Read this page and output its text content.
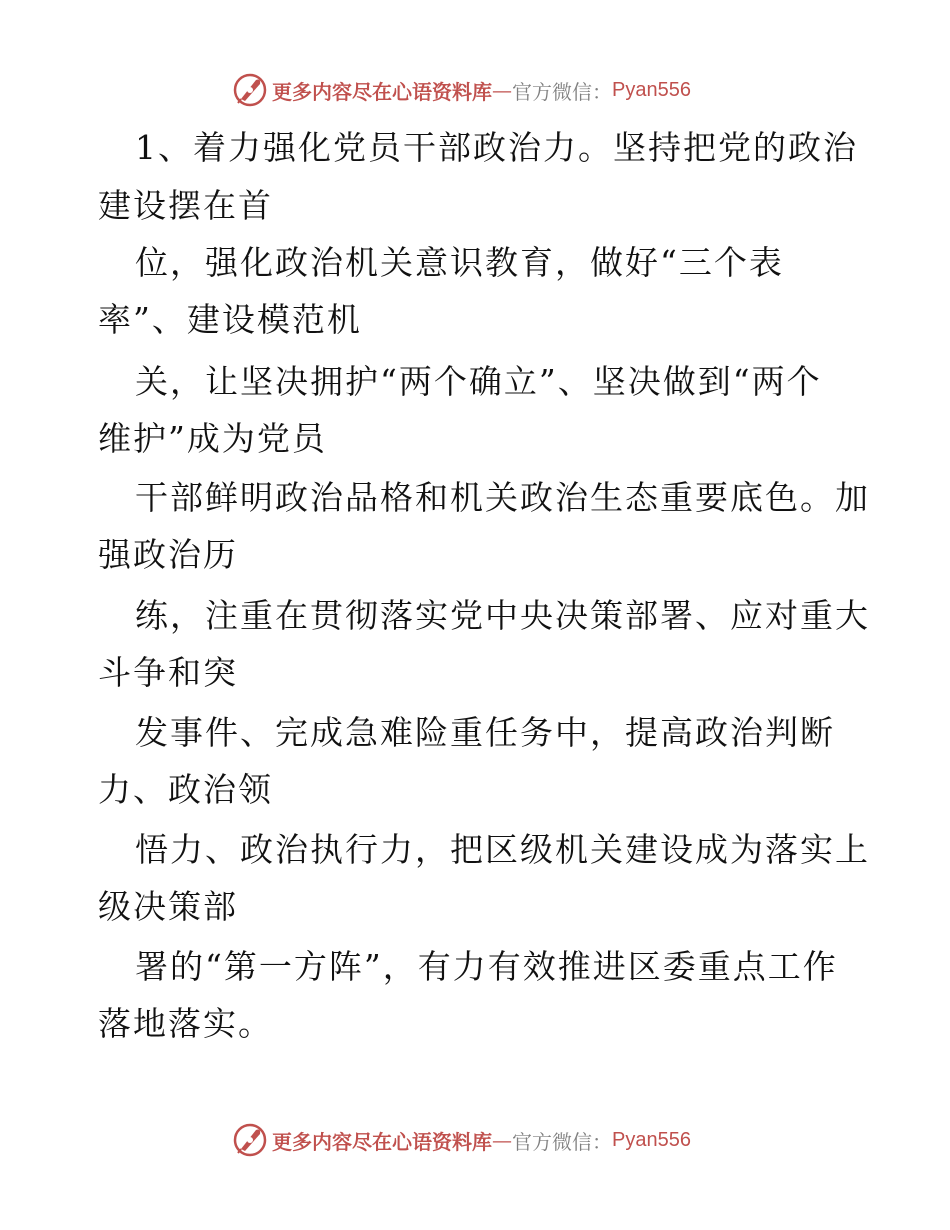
更多内容尽在心语资料库 — 官方微信： Pyan556
1、着力强化党员干部政治力。坚持把党的政治
建设摆在首
位，强化政治机关意识教育，做好“三个表
率”、建设模范机
关，让坚决拥护“两个确立”、坚决做到“两个
维护”成为党员
干部鲜明政治品格和机关政治生态重要底色。加
强政治历
练，注重在贯彻落实党中央决策部署、应对重大
斗争和突
发事件、完成急难险重任务中，提高政治判断
力、政治领
悟力、政治执行力，把区级机关建设成为落实上
级决策部
署的“第一方阵”，有力有效推进区委重点工作
落地落实。
更多内容尽在心语资料库 — 官方微信： Pyan556
